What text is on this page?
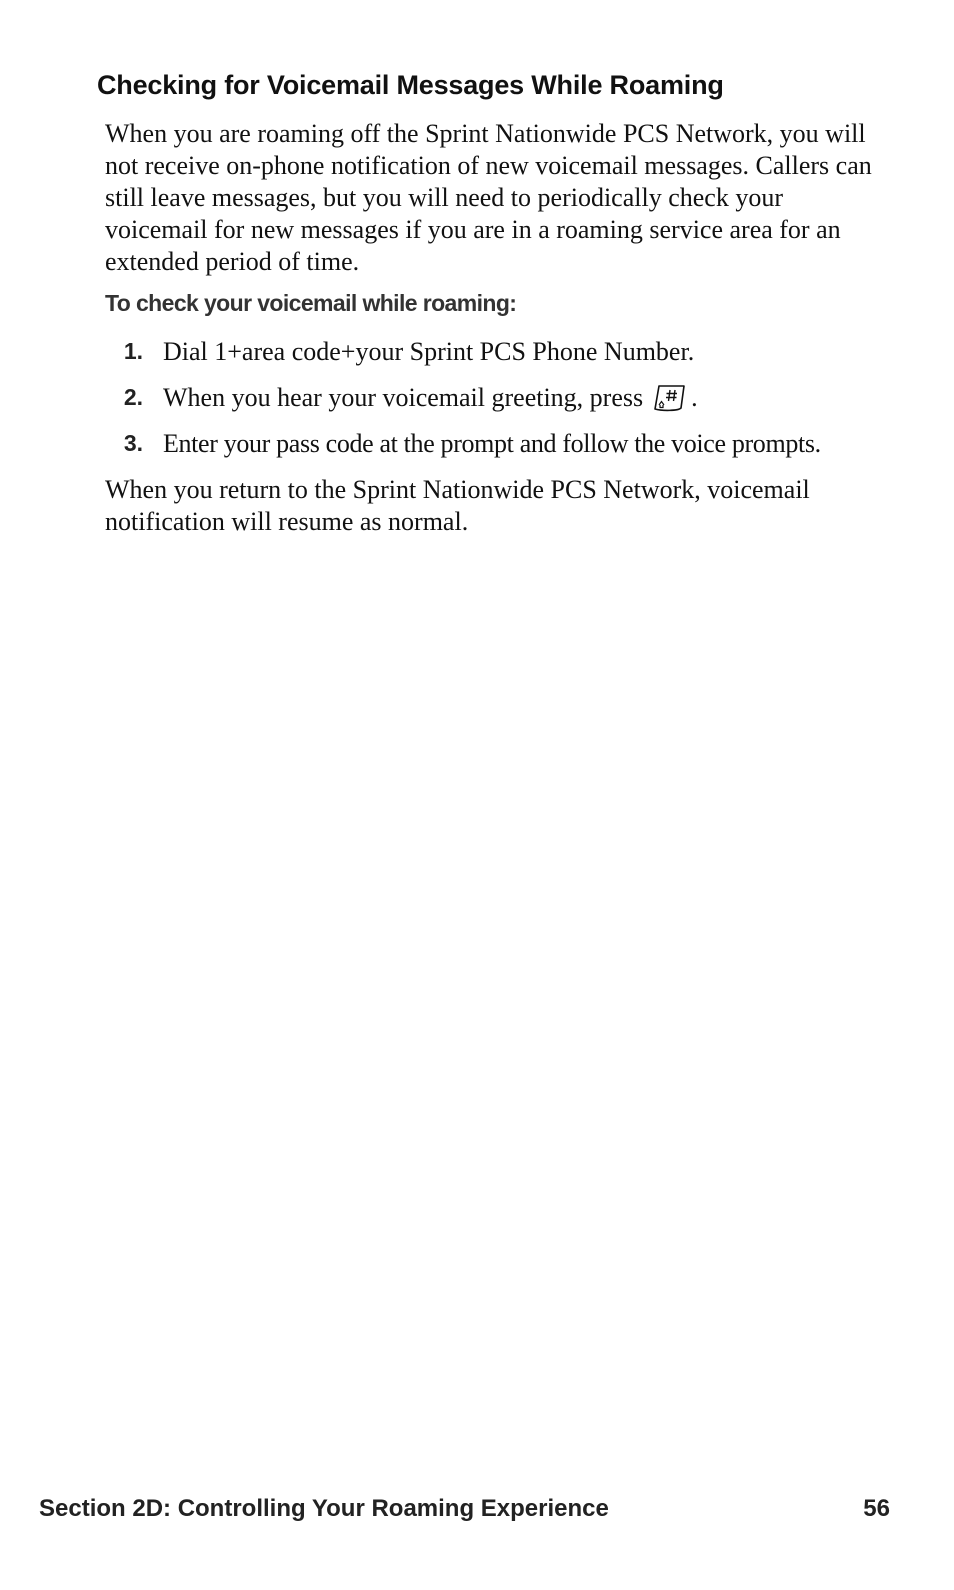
Checking for Voicemail Messages While Roaming

When you are roaming off the Sprint Nationwide PCS Network, you will not receive on-phone notification of new voicemail messages. Callers can still leave messages, but you will need to periodically check your voicemail for new messages if you are in a roaming service area for an extended period of time.

To check your voicemail while roaming:

1. Dial 1+area code+your Sprint PCS Phone Number.
2. When you hear your voicemail greeting, press .
3. Enter your pass code at the prompt and follow the voice prompts.

When you return to the Sprint Nationwide PCS Network, voicemail notification will resume as normal.

Section 2D: Controlling Your Roaming Experience	56
